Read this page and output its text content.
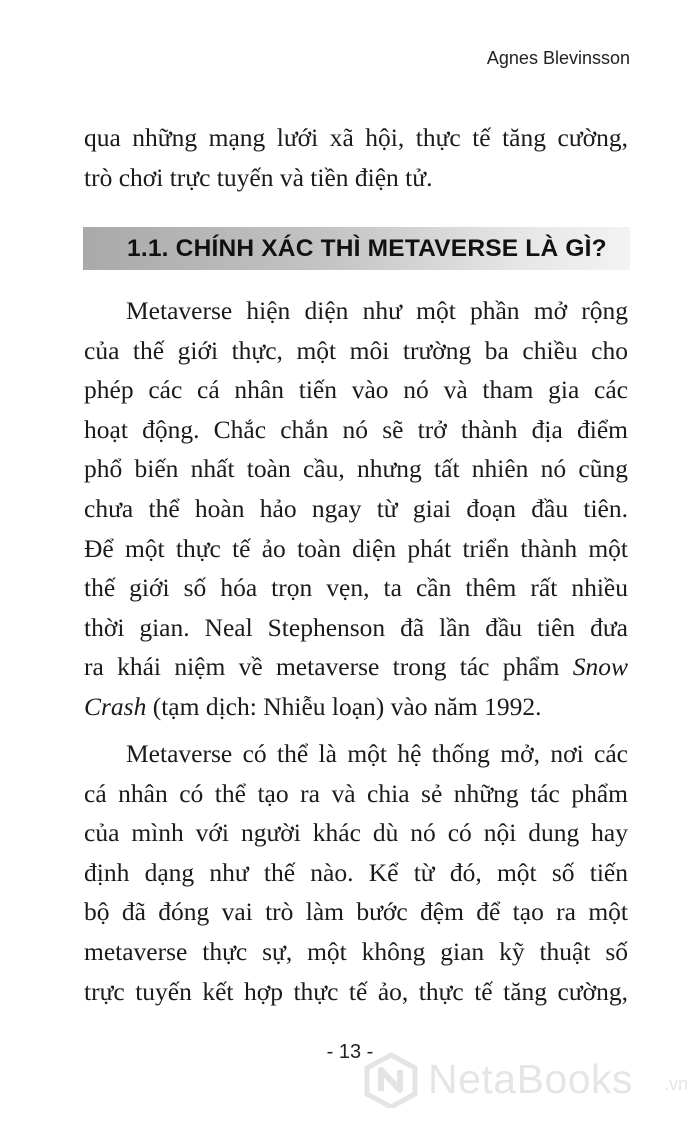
Agnes Blevinsson
qua những mạng lưới xã hội, thực tế tăng cường,
trò chơi trực tuyến và tiền điện tử.
1.1. CHÍNH XÁC THÌ METAVERSE LÀ GÌ?
Metaverse hiện diện như một phần mở rộng
của thế giới thực, một môi trường ba chiều cho
phép các cá nhân tiến vào nó và tham gia các
hoạt động. Chắc chắn nó sẽ trở thành địa điểm
phổ biến nhất toàn cầu, nhưng tất nhiên nó cũng
chưa thể hoàn hảo ngay từ giai đoạn đầu tiên.
Để một thực tế ảo toàn diện phát triển thành một
thế giới số hóa trọn vẹn, ta cần thêm rất nhiều
thời gian. Neal Stephenson đã lần đầu tiên đưa
ra khái niệm về metaverse trong tác phẩm Snow
Crash (tạm dịch: Nhiễu loạn) vào năm 1992.
Metaverse có thể là một hệ thống mở, nơi các
cá nhân có thể tạo ra và chia sẻ những tác phẩm
của mình với người khác dù nó có nội dung hay
định dạng như thế nào. Kể từ đó, một số tiến
bộ đã đóng vai trò làm bước đệm để tạo ra một
metaverse thực sự, một không gian kỹ thuật số
trực tuyến kết hợp thực tế ảo, thực tế tăng cường,
- 13 -
NetaBooks .vn
